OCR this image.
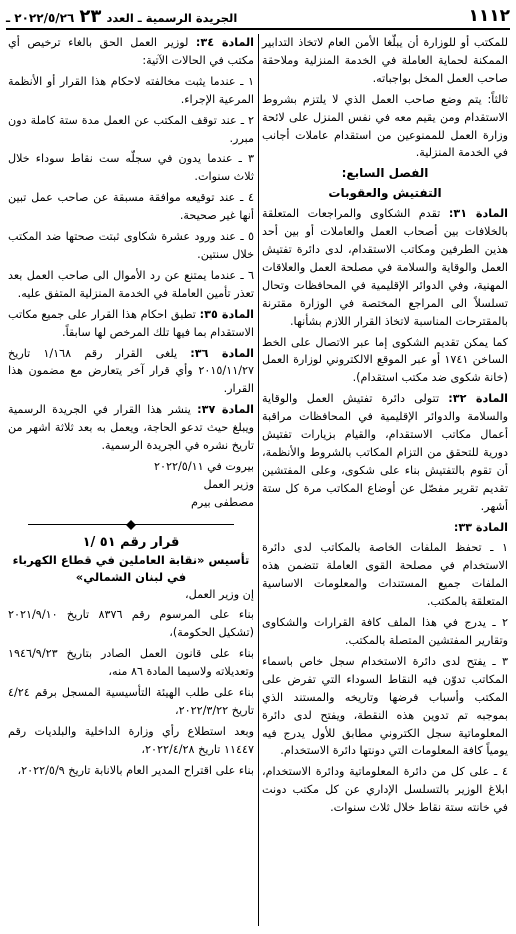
١١١٢
الجريدة الرسمية ـ العدد ٢٣ ٢٠٢٢/٥/٢٦ ـ

للمكتب أو للوزارة أن يبلّغا الأمن العام لاتخاذ التدابير الممكنة لحماية العاملة في الخدمة المنزلية وملاحقة صاحب العمل المخل بواجباته.

ثالثاً: يتم وضع صاحب العمل الذي لا يلتزم بشروط الاستقدام ومن يقيم معه في نفس المنزل على لائحة وزارة العمل للممنوعين من استقدام عاملات أجانب في الخدمة المنزلية.

الفصل السابع:
التفتيش والعقوبات

المادة ٣١: تقدم الشكاوى والمراجعات المتعلقة بالخلافات بين أصحاب العمل والعاملات أو بين أحد هذين الطرفين ومكاتب الاستقدام، لدى دائرة تفتيش العمل والوقاية والسلامة في مصلحة العمل والعلاقات المهنية، وفي الدوائر الإقليمية في المحافظات وتحال تسلسلاً الى المراجع المختصة في الوزارة مقترنة بالمقترحات المناسبة لاتخاذ القرار اللازم بشأنها.

كما يمكن تقديم الشكوى إما عبر الاتصال على الخط الساخن ١٧٤١ أو عبر الموقع الالكتروني لوزارة العمل (خانة شكوى ضد مكتب استقدام).

المادة ٣٢: تتولى دائرة تفتيش العمل والوقاية والسلامة والدوائر الإقليمية في المحافظات مراقبة أعمال مكاتب الاستقدام، والقيام بزيارات تفتيش دورية للتحقق من التزام المكاتب بالشروط والأنظمة، أن تقوم بالتفتيش بناء على شكوى، وعلى المفتشين تقديم تقرير مفصّل عن أوضاع المكاتب مرة كل ستة أشهر.

المادة ٣٣:

١ ـ تحفظ الملفات الخاصة بالمكاتب لدى دائرة الاستخدام في مصلحة القوى العاملة تتضمن هذه الملفات جميع المستندات والمعلومات الاساسية المتعلقة بالمكتب.

٢ ـ يدرج في هذا الملف كافة القرارات والشكاوى وتقارير المفتشين المتصلة بالمكتب.

٣ ـ يفتح لدى دائرة الاستخدام سجل خاص باسماء المكاتب تدوّن فيه النقاط السوداء التي تفرض على المكتب وأسباب فرضها وتاريخه والمستند الذي بموجبه تم تدوين هذه النقطة، ويفتح لدى دائرة المعلوماتية سجل الكتروني مطابق للأول يدرج فيه يومياً كافة المعلومات التي دونتها دائرة الاستخدام.

٤ ـ على كل من دائرة المعلوماتية ودائرة الاستخدام، ابلاغ الوزير بالتسلسل الإداري عن كل مكتب دونت في خانته ستة نقاط خلال ثلاث سنوات.

المادة ٣٤: لوزير العمل الحق بالغاء ترخيص أي مكتب في الحالات الآتية:

١ ـ عندما يثبت مخالفته لاحكام هذا القرار أو الأنظمة المرعية الإجراء.

٢ ـ عند توقف المكتب عن العمل مدة ستة كاملة دون مبرر.

٣ ـ عندما يدون في سجلّه ست نقاط سوداء خلال ثلاث سنوات.

٤ ـ عند توقيعه موافقة مسبقة عن صاحب عمل تبين أنها غير صحيحة.

٥ ـ عند ورود عشرة شكاوى ثبتت صحتها ضد المكتب خلال سنتين.

٦ ـ عندما يمتنع عن رد الأموال الى صاحب العمل بعد تعذر تأمين العاملة في الخدمة المنزلية المتفق عليه.

المادة ٣٥: تطبق احكام هذا القرار على جميع مكاتب الاستقدام بما فيها تلك المرخص لها سابقاً.

المادة ٣٦: يلغى القرار رقم ١/١٦٨ تاريخ ٢٠١٥/١١/٢٧ وأي قرار آخر يتعارض مع مضمون هذا القرار.

المادة ٣٧: ينشر هذا القرار في الجريدة الرسمية ويبلغ حيث تدعو الحاجة، ويعمل به بعد ثلاثة اشهر من تاريخ نشره في الجريدة الرسمية.

بيروت في ٢٠٢٢/٥/١١

وزير العمل

مصطفى بيرم

قرار رقم ٥١ /١
تأسيس «نقابة العاملين في قطاع الكهرباء في لبنان الشمالي»

إن وزير العمل،

بناء على المرسوم رقم ٨٣٧٦ تاريخ ٢٠٢١/٩/١٠ (تشكيل الحكومة)،

بناء على قانون العمل الصادر بتاريخ ١٩٤٦/٩/٢٣ وتعديلاته ولاسيما المادة ٨٦ منه،

بناء على طلب الهيئة التأسيسية المسجل برقم ٤/٢٤ تاريخ ٢٠٢٢/٣/٢٢،

وبعد استطلاع رأي وزارة الداخلية والبلديات رقم ١١٤٤٧ تاريخ ٢٠٢٢/٤/٢٨،

بناء على اقتراح المدير العام بالانابة تاريخ ٢٠٢٢/٥/٩،
